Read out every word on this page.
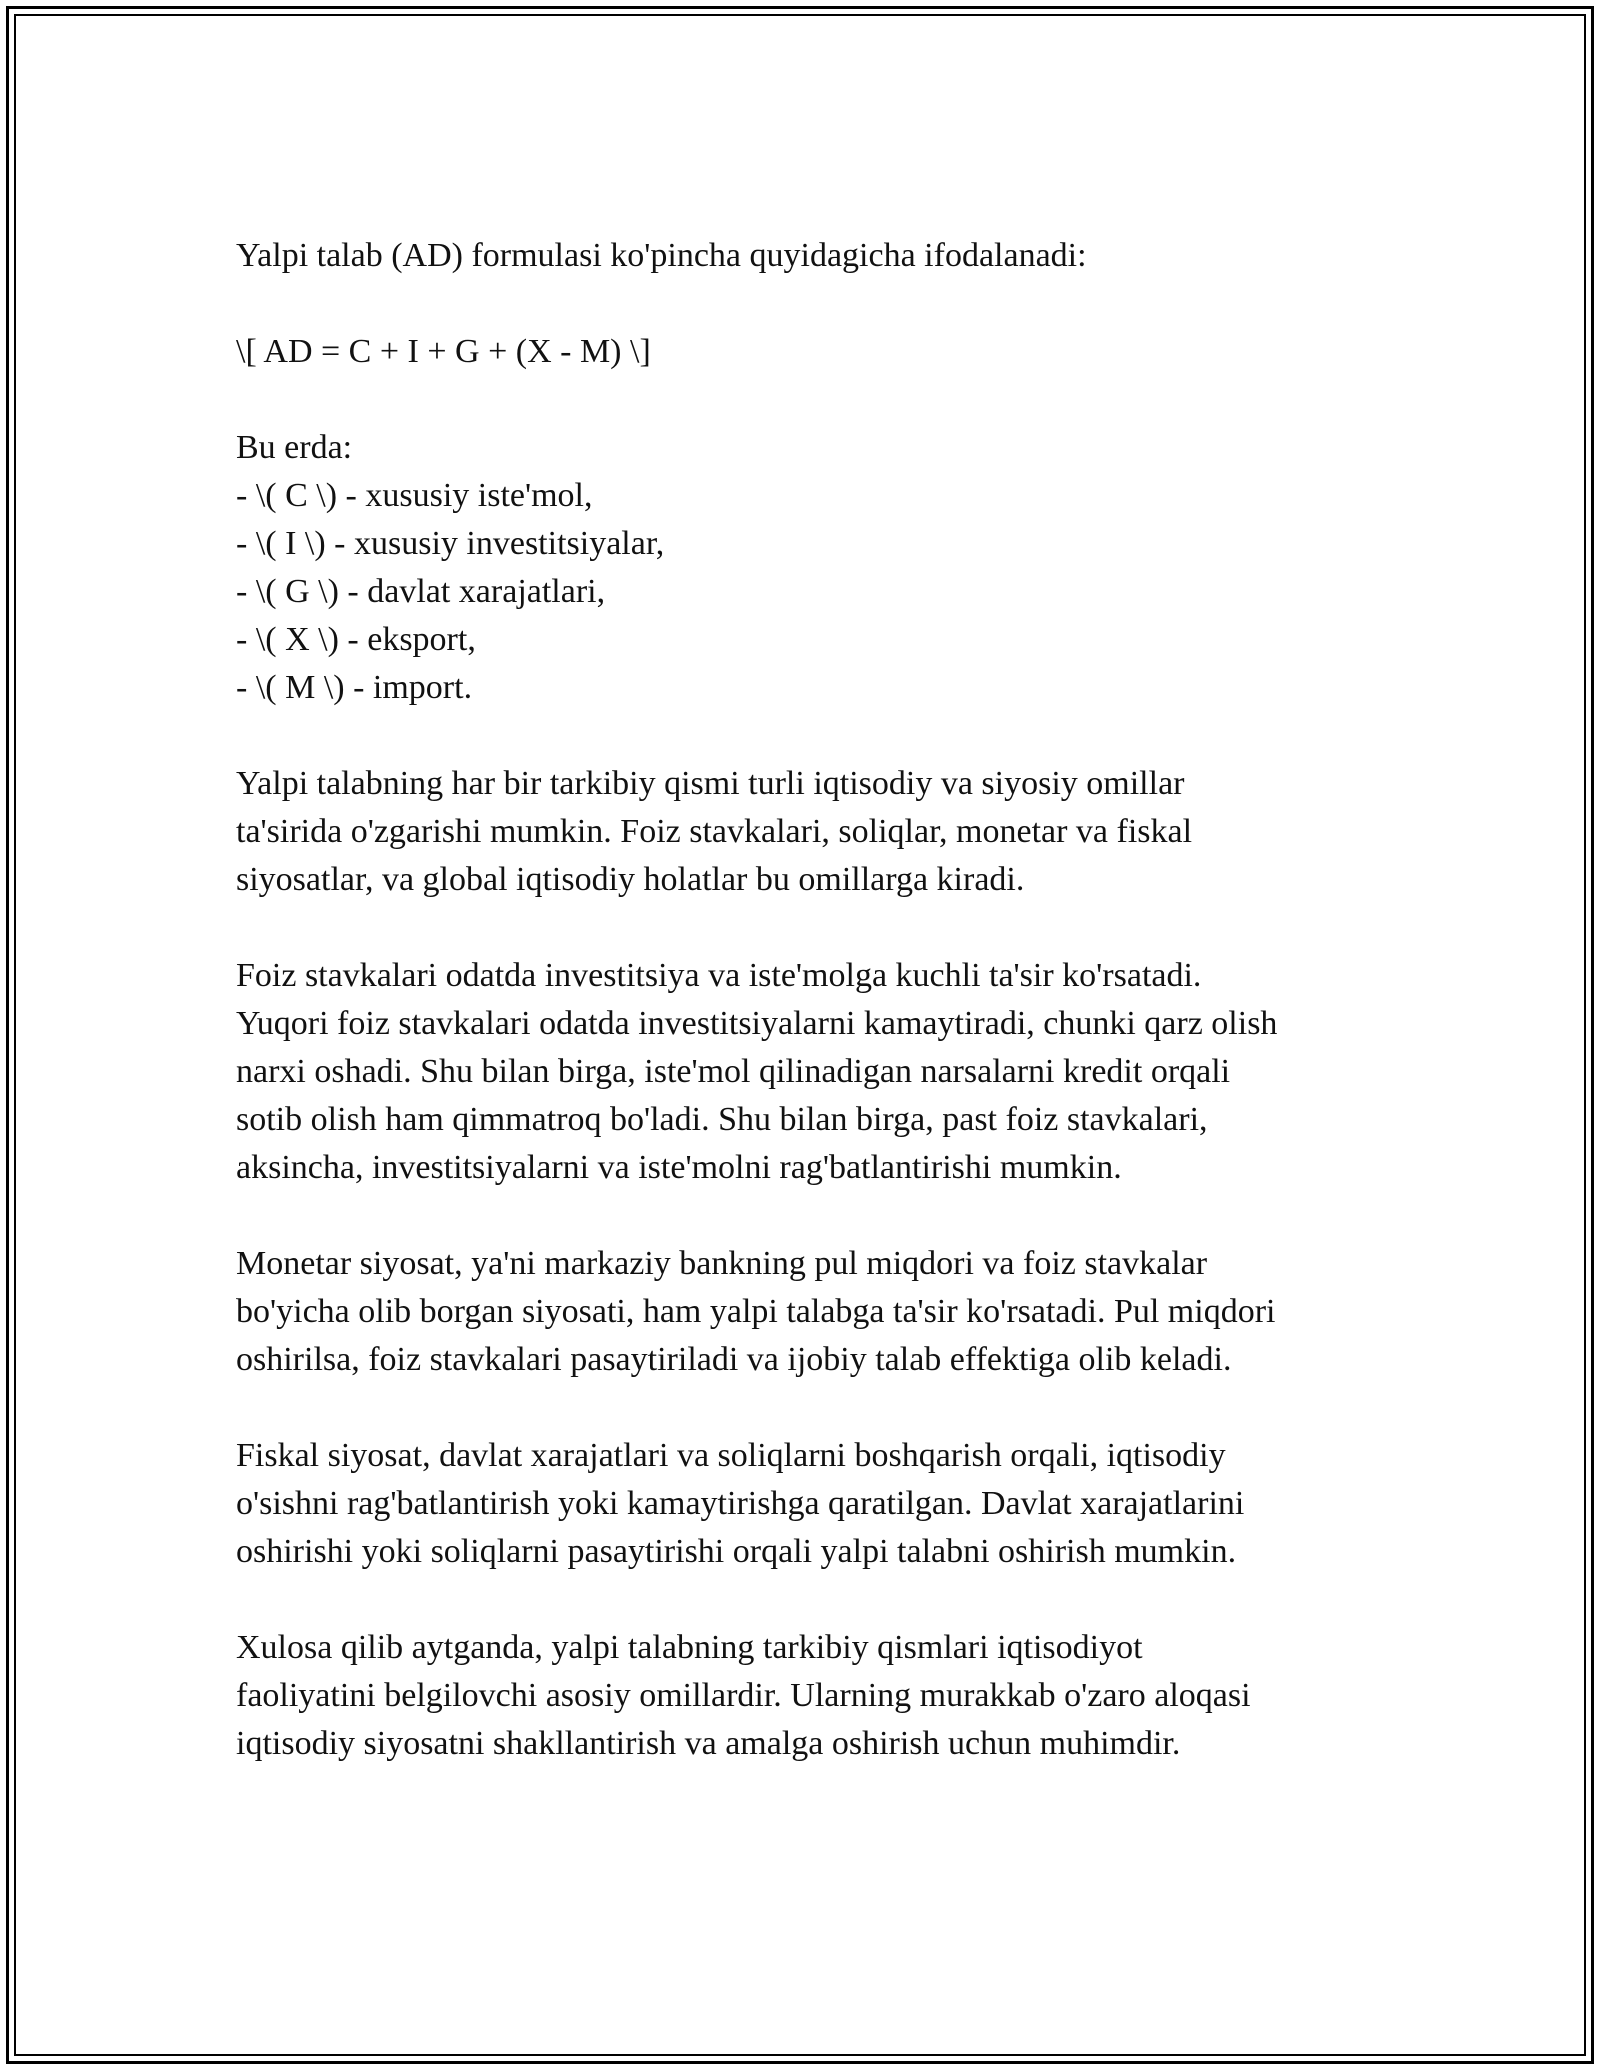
Yalpi talab (AD) formulasi ko'pincha quyidagicha ifodalanadi:

\[ AD = C + I + G + (X - M) \]

Bu erda:

- \( C \) - xususiy iste'mol,

- \( I \) - xususiy investitsiyalar,

- \( G \) - davlat xarajatlari,

- \( X \) - eksport,

- \( M \) - import.

Yalpi talabning har bir tarkibiy qismi turli iqtisodiy va siyosiy omillar
ta'sirida o'zgarishi mumkin. Foiz stavkalari, soliqlar, monetar va fiskal
siyosatlar, va global iqtisodiy holatlar bu omillarga kiradi.

Foiz stavkalari odatda investitsiya va iste'molga kuchli ta'sir ko'rsatadi.
Yuqori foiz stavkalari odatda investitsiyalarni kamaytiradi, chunki qarz olish
narxi oshadi. Shu bilan birga, iste'mol qilinadigan narsalarni kredit orqali
sotib olish ham qimmatroq bo'ladi. Shu bilan birga, past foiz stavkalari,
aksincha, investitsiyalarni va iste'molni rag'batlantirishi mumkin.

Monetar siyosat, ya'ni markaziy bankning pul miqdori va foiz stavkalar
bo'yicha olib borgan siyosati, ham yalpi talabga ta'sir ko'rsatadi. Pul miqdori
oshirilsa, foiz stavkalari pasaytiriladi va ijobiy talab effektiga olib keladi.

Fiskal siyosat, davlat xarajatlari va soliqlarni boshqarish orqali, iqtisodiy
o'sishni rag'batlantirish yoki kamaytirishga qaratilgan. Davlat xarajatlarini
oshirishi yoki soliqlarni pasaytirishi orqali yalpi talabni oshirish mumkin.

Xulosa qilib aytganda, yalpi talabning tarkibiy qismlari iqtisodiyot
faoliyatini belgilovchi asosiy omillardir. Ularning murakkab o'zaro aloqasi
iqtisodiy siyosatni shakllantirish va amalga oshirish uchun muhimdir.
